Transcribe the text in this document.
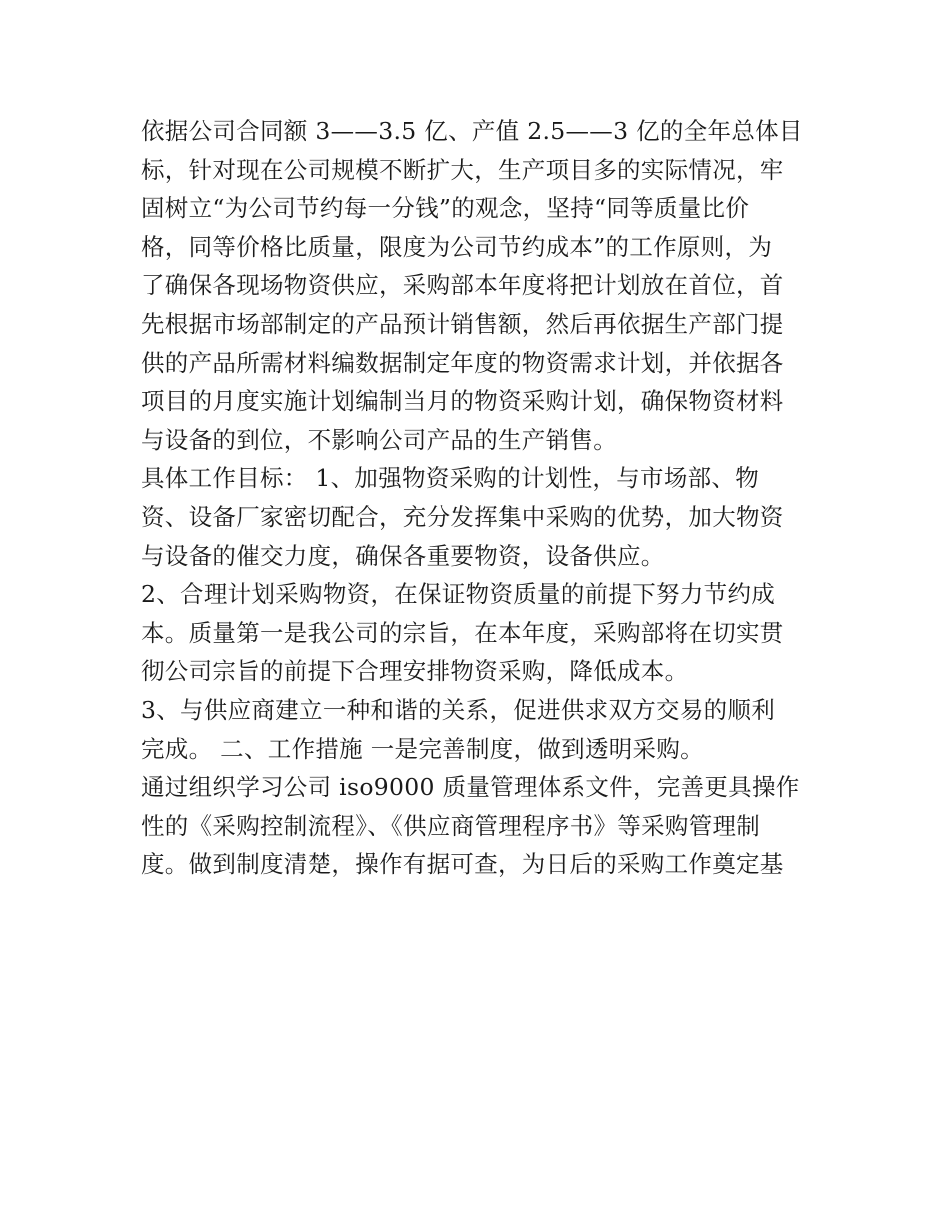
依据公司合同额 3——3.5 亿、产值 2.5——3 亿的全年总体目
标，针对现在公司规模不断扩大，生产项目多的实际情况，牢
固树立“为公司节约每一分钱”的观念，坚持“同等质量比价
格，同等价格比质量，限度为公司节约成本”的工作原则，为
了确保各现场物资供应，采购部本年度将把计划放在首位，首
先根据市场部制定的产品预计销售额，然后再依据生产部门提
供的产品所需材料编数据制定年度的物资需求计划，并依据各
项目的月度实施计划编制当月的物资采购计划，确保物资材料
与设备的到位，不影响公司产品的生产销售。
具体工作目标： 1、加强物资采购的计划性，与市场部、物
资、设备厂家密切配合，充分发挥集中采购的优势，加大物资
与设备的催交力度，确保各重要物资，设备供应。
2、合理计划采购物资，在保证物资质量的前提下努力节约成
本。质量第一是我公司的宗旨，在本年度，采购部将在切实贯
彻公司宗旨的前提下合理安排物资采购，降低成本。
3、与供应商建立一种和谐的关系，促进供求双方交易的顺利
完成。 二、工作措施 一是完善制度，做到透明采购。
通过组织学习公司 iso9000 质量管理体系文件，完善更具操作
性的《采购控制流程》、《供应商管理程序书》等采购管理制
度。做到制度清楚，操作有据可查，为日后的采购工作奠定基
